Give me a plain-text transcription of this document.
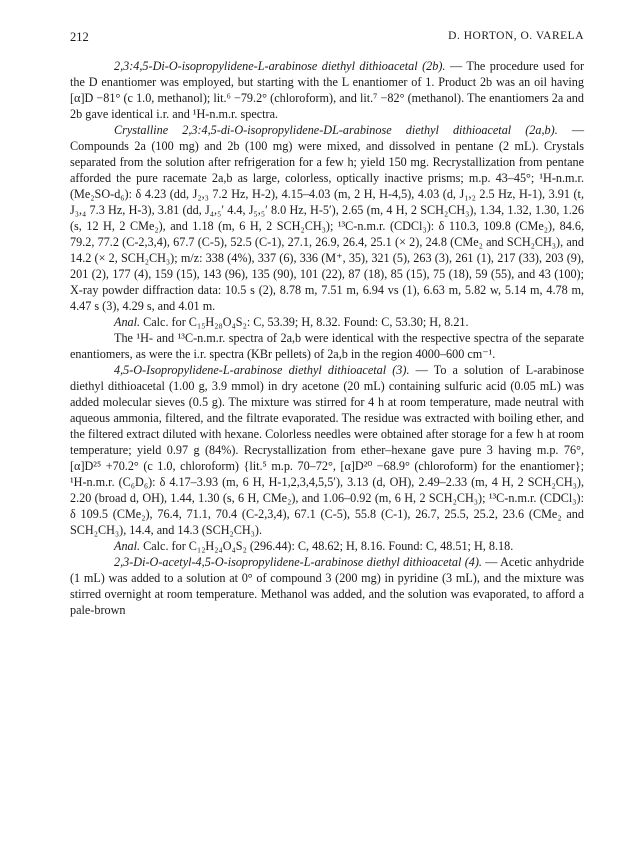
212	D. HORTON, O. VARELA

2,3:4,5-Di-O-isopropylidene-L-arabinose diethyl dithioacetal (2b). — The procedure used for the D enantiomer was employed, but starting with the L enantiomer of 1. Product 2b was an oil having [α]D −81° (c 1.0, methanol); lit.⁶ −79.2° (chloroform), and lit.⁷ −82° (methanol). The enantiomers 2a and 2b gave identical i.r. and ¹H-n.m.r. spectra.

Crystalline 2,3:4,5-di-O-isopropylidene-DL-arabinose diethyl dithioacetal (2a,b). — Compounds 2a (100 mg) and 2b (100 mg) were mixed, and dissolved in pentane (2 mL). Crystals separated from the solution after refrigeration for a few h; yield 150 mg. Recrystallization from pentane afforded the pure racemate 2a,b as large, colorless, optically inactive prisms; m.p. 43–45°; ¹H-n.m.r. (Me₂SO-d₆): δ 4.23 (dd, J₂,₃ 7.2 Hz, H-2), 4.15–4.03 (m, 2 H, H-4,5), 4.03 (d, J₁,₂ 2.5 Hz, H-1), 3.91 (t, J₃,₄ 7.3 Hz, H-3), 3.81 (dd, J₄,₅′ 4.4, J₅,₅′ 8.0 Hz, H-5′), 2.65 (m, 4 H, 2 SCH₂CH₃), 1.34, 1.32, 1.30, 1.26 (s, 12 H, 2 CMe₂), and 1.18 (m, 6 H, 2 SCH₂CH₃); ¹³C-n.m.r. (CDCl₃): δ 110.3, 109.8 (CMe₂), 84.6, 79.2, 77.2 (C-2,3,4), 67.7 (C-5), 52.5 (C-1), 27.1, 26.9, 26.4, 25.1 (× 2), 24.8 (CMe₂ and SCH₂CH₃), and 14.2 (× 2, SCH₂CH₃); m/z: 338 (4%), 337 (6), 336 (M⁺, 35), 321 (5), 263 (3), 261 (1), 217 (33), 203 (9), 201 (2), 177 (4), 159 (15), 143 (96), 135 (90), 101 (22), 87 (18), 85 (15), 75 (18), 59 (55), and 43 (100); X-ray powder diffraction data: 10.5 s (2), 8.78 m, 7.51 m, 6.94 vs (1), 6.63 m, 5.82 w, 5.14 m, 4.78 m, 4.47 s (3), 4.29 s, and 4.01 m.

Anal. Calc. for C₁₅H₂₈O₄S₂: C, 53.39; H, 8.32. Found: C, 53.30; H, 8.21.

The ¹H- and ¹³C-n.m.r. spectra of 2a,b were identical with the respective spectra of the separate enantiomers, as were the i.r. spectra (KBr pellets) of 2a,b in the region 4000–600 cm⁻¹.

4,5-O-Isopropylidene-L-arabinose diethyl dithioacetal (3). — To a solution of L-arabinose diethyl dithioacetal (1.00 g, 3.9 mmol) in dry acetone (20 mL) containing sulfuric acid (0.05 mL) was added molecular sieves (0.5 g). The mixture was stirred for 4 h at room temperature, made neutral with aqueous ammonia, filtered, and the filtrate evaporated. The residue was extracted with boiling ether, and the filtered extract diluted with hexane. Colorless needles were obtained after storage for a few h at room temperature; yield 0.97 g (84%). Recrystallization from ether–hexane gave pure 3 having m.p. 76°, [α]D²⁵ +70.2° (c 1.0, chloroform) {lit.⁵ m.p. 70–72°, [α]D²⁰ −68.9° (chloroform) for the enantiomer}; ¹H-n.m.r. (C₆D₆): δ 4.17–3.93 (m, 6 H, H-1,2,3,4,5,5′), 3.13 (d, OH), 2.49–2.33 (m, 4 H, 2 SCH₂CH₃), 2.20 (broad d, OH), 1.44, 1.30 (s, 6 H, CMe₂), and 1.06–0.92 (m, 6 H, 2 SCH₂CH₃); ¹³C-n.m.r. (CDCl₃): δ 109.5 (CMe₂), 76.4, 71.1, 70.4 (C-2,3,4), 67.1 (C-5), 55.8 (C-1), 26.7, 25.5, 25.2, 23.6 (CMe₂ and SCH₂CH₃), 14.4, and 14.3 (SCH₂CH₃).

Anal. Calc. for C₁₂H₂₄O₄S₂ (296.44): C, 48.62; H, 8.16. Found: C, 48.51; H, 8.18.

2,3-Di-O-acetyl-4,5-O-isopropylidene-L-arabinose diethyl dithioacetal (4). — Acetic anhydride (1 mL) was added to a solution at 0° of compound 3 (200 mg) in pyridine (3 mL), and the mixture was stirred overnight at room temperature. Methanol was added, and the solution was evaporated, to afford a pale-brown
